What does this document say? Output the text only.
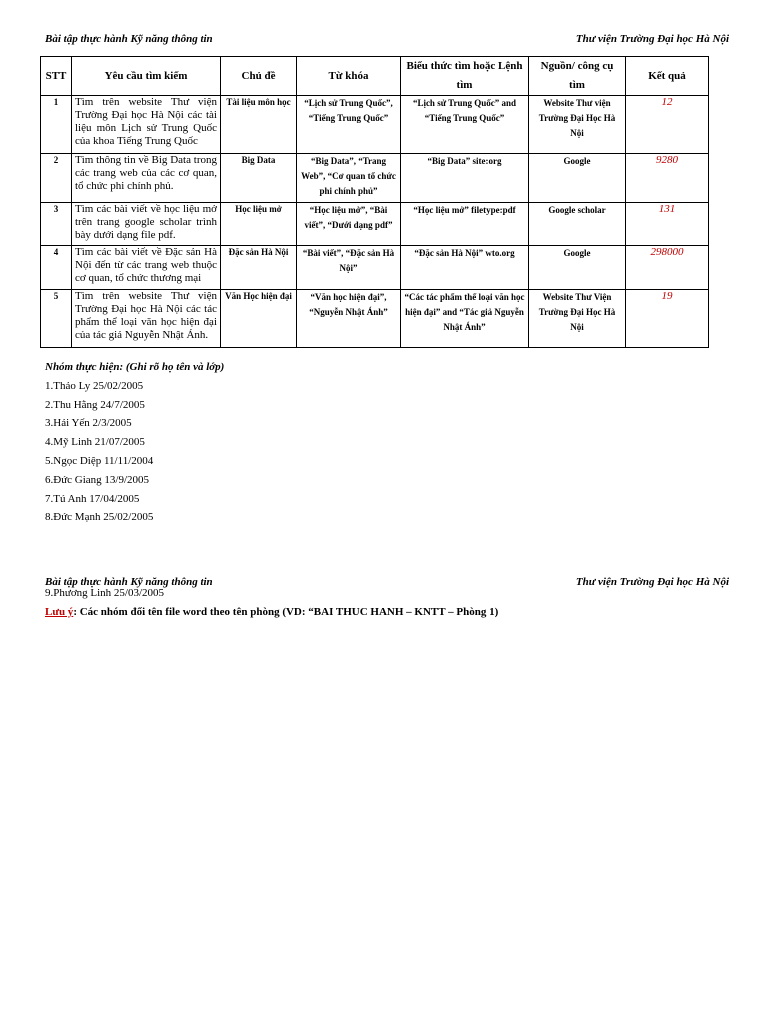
Bài tập thực hành Kỹ năng thông tin	Thư viện Trường Đại học Hà Nội
STT	Yêu cầu tìm kiếm	Chủ đề	Từ khóa	Biểu thức tìm hoặc Lệnh tìm	Nguồn/ công cụ tìm	Kết quả
1	Tìm trên website Thư viện Trường Đại học Hà Nội các tài liệu môn Lịch sử Trung Quốc của khoa Tiếng Trung Quốc	Tài liệu môn học	“Lịch sử Trung Quốc”, “Tiếng Trung Quốc”	“Lịch sử Trung Quốc” and “Tiếng Trung Quốc”	Website Thư viện Trường Đại Học Hà Nội	12
2	Tìm thông tin về Big Data trong các trang web của các cơ quan, tổ chức phi chính phủ.	Big Data	“Big Data”, “Trang Web”, “Cơ quan tổ chức phi chính phủ”	“Big Data” site:org	Google	9280
3	Tìm các bài viết về học liệu mở trên trang google scholar trình bày dưới dạng file pdf.	Học liệu mở	“Học liệu mở”, “Bài viết”, “Dưới dạng pdf”	“Học liệu mở” filetype:pdf	Google scholar	131
4	Tìm các bài viết về Đặc sản Hà Nội đến từ các trang web thuộc cơ quan, tổ chức thương mại	Đặc sản Hà Nội	“Bài viết”, “Đặc sản Hà Nội”	“Đặc sản Hà Nội” wto.org	Google	298000
5	Tìm trên website Thư viện Trường Đại học Hà Nội các tác phẩm thể loại văn học hiện đại của tác giả Nguyễn Nhật Ánh.	Văn Học hiện đại	“Văn học hiện đại”, “Nguyễn Nhật Ánh”	“Các tác phẩm thể loại văn học hiện đại” and “Tác giả Nguyễn Nhật Ánh”	Website Thư Viện Trường Đại Học Hà Nội	19
Nhóm thực hiện: (Ghi rõ họ tên và lớp)
1.Thảo Ly 25/02/2005
2.Thu Hằng 24/7/2005
3.Hải Yến 2/3/2005
4.Mỹ Linh 21/07/2005
5.Ngọc Diệp 11/11/2004
6.Đức Giang 13/9/2005
7.Tú Anh 17/04/2005
8.Đức Mạnh 25/02/2005
Bài tập thực hành Kỹ năng thông tin	Thư viện Trường Đại học Hà Nội
9.Phương Linh 25/03/2005
Lưu ý: Các nhóm đổi tên file word theo tên phòng (VD: “BAI THUC HANH – KNTT – Phòng 1)
